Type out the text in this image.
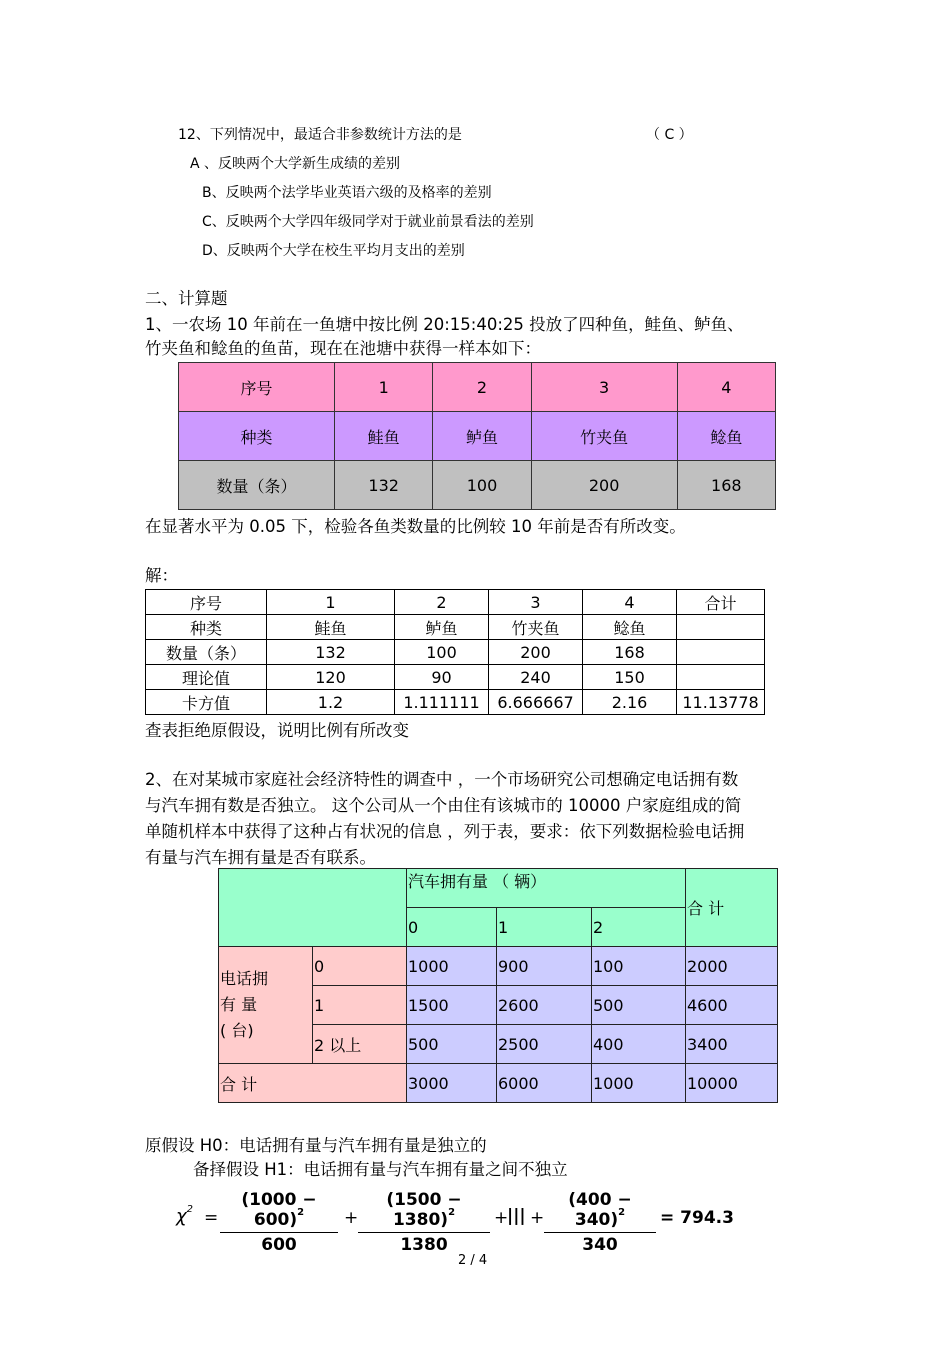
12、下列情况中，最适合非参数统计方法的是	（ C ）
A 、反映两个大学新生成绩的差别
B、反映两个法学毕业英语六级的及格率的差别
C、反映两个大学四年级同学对于就业前景看法的差别
D、反映两个大学在校生平均月支出的差别
二、计算题
1、一农场 10 年前在一鱼塘中按比例 20:15:40:25 投放了四种鱼，鲑鱼、鲈鱼、
竹夹鱼和鲶鱼的鱼苗，现在在池塘中获得一样本如下：
序号	1	2	3	4
种类	鲑鱼	鲈鱼	竹夹鱼	鲶鱼
数量（条）	132	100	200	168
在显著水平为 0.05 下，检验各鱼类数量的比例较 10 年前是否有所改变。
解：
序号	1	2	3	4	合计
种类	鲑鱼	鲈鱼	竹夹鱼	鲶鱼	
数量（条）	132	100	200	168	
理论值	120	90	240	150	
卡方值	1.2	1.111111	6.666667	2.16	11.13778
查表拒绝原假设，说明比例有所改变
2、在对某城市家庭社会经济特性的调查中 ，一个市场研究公司想确定电话拥有数
与汽车拥有数是否独立。 这个公司从一个由住有该城市的 10000 户家庭组成的简
单随机样本中获得了这种占有状况的信息 ，列于表，要求：依下列数据检验电话拥
有量与汽车拥有量是否有联系。
		汽车拥有量 （ 辆）			合 计
		0	1	2	

电话拥
有 量
( 台)	0	1000	900	100	2000
	1	1500	2600	500	4600
	2 以上	500	2500	400	3400
合 计		3000	6000	1000	10000
原假设 H0：电话拥有量与汽车拥有量是独立的
备择假设 H1：电话拥有量与汽车拥有量之间不独立
$\chi^2$ =
$(1000 - 600)^2$
600
+
$(1500 - 1380)^2$
1380
+
||| +
$(400 - 340)^2$
340
= 794.3
2 / 4
